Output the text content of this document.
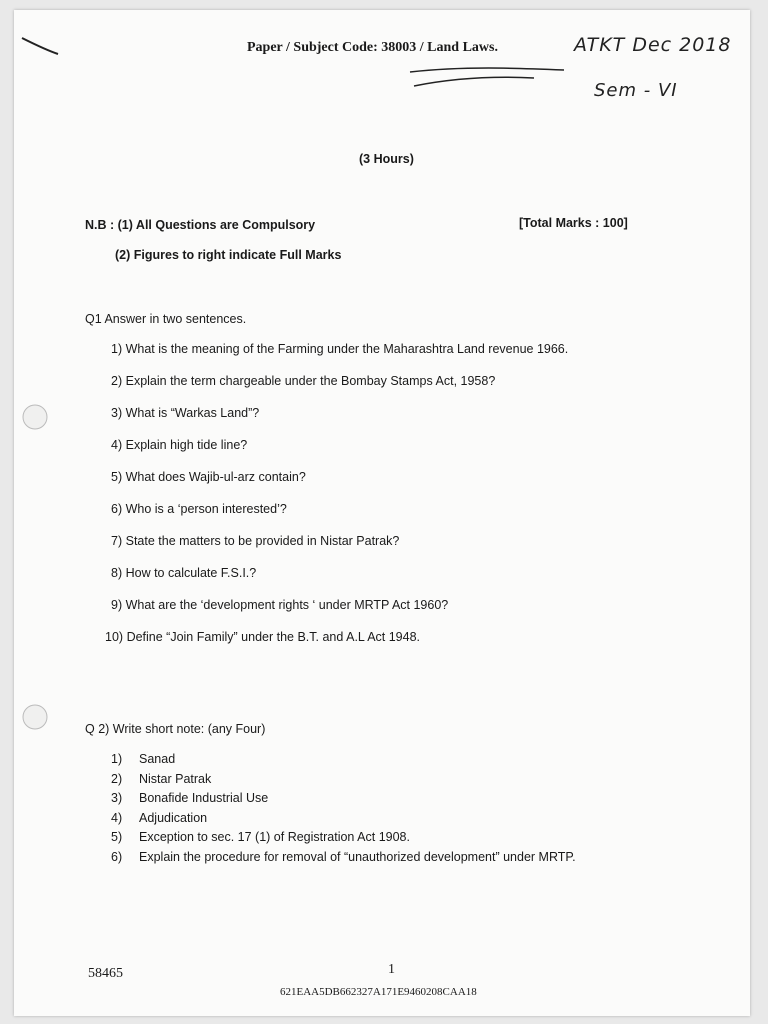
Paper / Subject Code: 38003 / Land Laws.	ATKT Dec 2018
Sem - VI
(3 Hours)
N.B : (1) All Questions are Compulsory	[Total Marks : 100]
(2) Figures to right indicate Full Marks
Q1 Answer in two sentences.
1) What is the meaning of the Farming under the Maharashtra Land revenue 1966.
2) Explain the term chargeable under the Bombay Stamps Act, 1958?
3) What is “Warkas Land”?
4) Explain high tide line?
5) What does Wajib-ul-arz contain?
6) Who is a ‘person interested’?
7) State the matters to be provided in Nistar Patrak?
8) How to calculate F.S.I.?
9) What are the ‘development rights ‘ under MRTP Act 1960?
10) Define “Join Family” under the B.T. and A.L Act 1948.
Q 2) Write short note: (any Four)
1) Sanad
2) Nistar Patrak
3) Bonafide Industrial Use
4) Adjudication
5) Exception to sec. 17 (1) of Registration Act 1908.
6) Explain the procedure for removal of “unauthorized development” under MRTP.
58465	1
621EAA5DB662327A171E9460208CAA18
